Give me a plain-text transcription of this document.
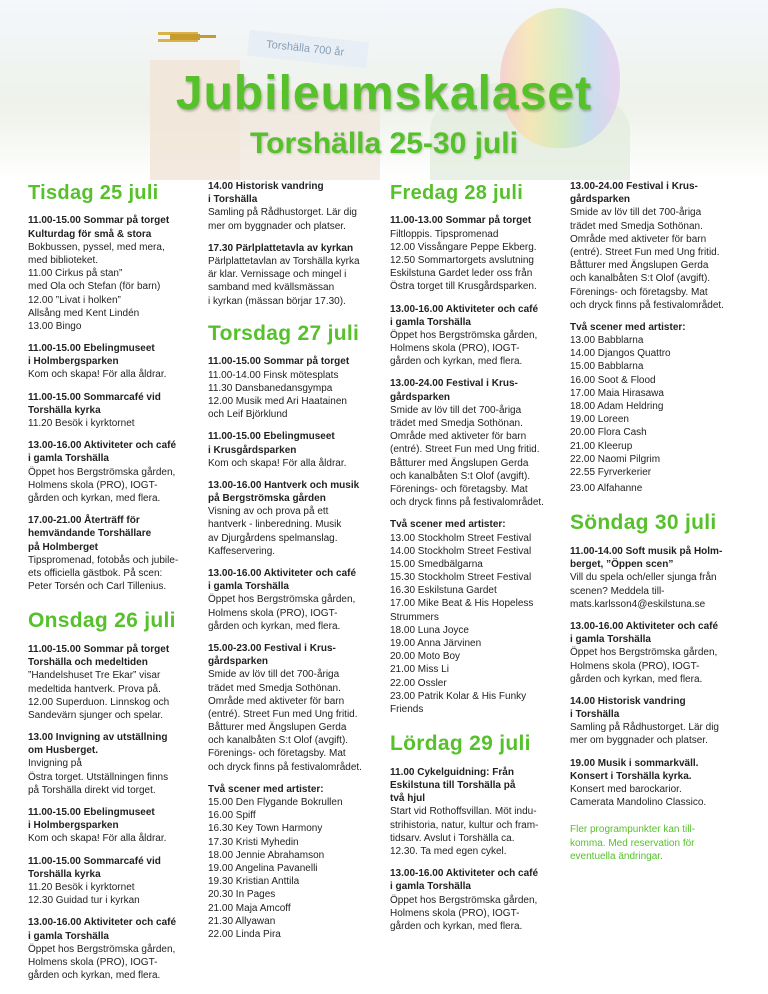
Torshälla 700 år
Jubileumskalaset
Torshälla 25-30 juli
Tisdag 25 juli
11.00-15.00 Sommar på torget
Kulturdag för små & stora
Bokbussen, pyssel, med mera,
med biblioteket.
11.00 Cirkus på stan”
med Ola och Stefan (för barn)
12.00 ”Livat i holken”
Allsång med Kent Lindén
13.00 Bingo
11.00-15.00 Ebelingmuseet
i Holmbergsparken
Kom och skapa! För alla åldrar.
11.00-15.00 Sommarcafé vid
Torshälla kyrka
11.20 Besök i kyrktornet
13.00-16.00 Aktiviteter och café
i gamla Torshälla
Öppet hos Bergströmska gården,
Holmens skola (PRO), IOGT-
gården och kyrkan, med flera.
17.00-21.00 Återträff för
hemvändande Torshällare
på Holmberget
Tipspromenad, fotobås och jubile-
ets officiella gästbok. På scen:
Peter Torsén och Carl Tillenius.
Onsdag 26 juli
11.00-15.00 Sommar på torget
Torshälla och medeltiden
”Handelshuset Tre Ekar” visar
medeltida hantverk. Prova på.
12.00 Superduon. Linnskog och
Sandevärn sjunger och spelar.
13.00 Invigning av utställning
om Husberget.
Invigning på
Östra torget. Utställningen finns
på Torshälla direkt vid torget.
11.00-15.00 Ebelingmuseet
i Holmbergsparken
Kom och skapa! För alla åldrar.
11.00-15.00 Sommarcafé vid
Torshälla kyrka
11.20 Besök i kyrktornet
12.30 Guidad tur i kyrkan
13.00-16.00 Aktiviteter och café
i gamla Torshälla
Öppet hos Bergströmska gården,
Holmens skola (PRO), IOGT-
gården och kyrkan, med flera.
14.00 Historisk vandring
i Torshälla
Samling på Rådhustorget. Lär dig
mer om byggnader och platser.
17.30 Pärlplattetavla av kyrkan
Pärlplattetavlan av Torshälla kyrka
är klar. Vernissage och mingel i
samband med kvällsmässan
i kyrkan (mässan börjar 17.30).
Torsdag 27 juli
11.00-15.00 Sommar på torget
11.00-14.00 Finsk mötesplats
11.30 Dansbanedansgympa
12.00 Musik med Ari Haatainen
och Leif Björklund
11.00-15.00 Ebelingmuseet
i Krusgårdsparken
Kom och skapa! För alla åldrar.
13.00-16.00 Hantverk och musik
på Bergströmska gården
Visning av och prova på ett
hantverk - linberedning. Musik
av Djurgårdens spelmanslag.
Kaffeservering.
13.00-16.00 Aktiviteter och café
i gamla Torshälla
Öppet hos Bergströmska gården,
Holmens skola (PRO), IOGT-
gården och kyrkan, med flera.
15.00-23.00 Festival i Krus-
gårdsparken
Smide av löv till det 700-åriga
trädet med Smedja Sothönan.
Område med aktiveter för barn
(entré). Street Fun med Ung fritid.
Båtturer med Ängslupen Gerda
och kanalbåten S:t Olof (avgift).
Förenings- och företagsby. Mat
och dryck finns på festivalområdet.
Två scener med artister:
15.00 Den Flygande Bokrullen
16.00 Spiff
16.30 Key Town Harmony
17.30 Kristi Myhedin
18.00 Jennie Abrahamson
19.00 Angelina Pavanelli
19.30 Kristian Anttila
20.30 In Pages
21.00 Maja Amcoff
21.30 Allyawan
22.00 Linda Pira
Fredag 28 juli
11.00-13.00 Sommar på torget
Filtloppis. Tipspromenad
12.00 Vissångare Peppe Ekberg.
12.50 Sommartorgets avslutning
Eskilstuna Gardet leder oss från
Östra torget till Krusgårdsparken.
13.00-16.00 Aktiviteter och café
i gamla Torshälla
Öppet hos Bergströmska gården,
Holmens skola (PRO), IOGT-
gården och kyrkan, med flera.
13.00-24.00 Festival i Krus-
gårdsparken
Smide av löv till det 700-åriga
trädet med Smedja Sothönan.
Område med aktiveter för barn
(entré). Street Fun med Ung fritid.
Båtturer med Ängslupen Gerda
och kanalbåten S:t Olof (avgift).
Förenings- och företagsby. Mat
och dryck finns på festivalområdet.
Två scener med artister:
13.00 Stockholm Street Festival
14.00 Stockholm Street Festival
15.00 Smedbälgarna
15.30 Stockholm Street Festival
16.30 Eskilstuna Gardet
17.00 Mike Beat & His Hopeless
Strummers
18.00 Luna Joyce
19.00 Anna Järvinen
20.00 Moto Boy
21.00 Miss Li
22.00 Ossler
23.00 Patrik Kolar & His Funky
Friends
Lördag 29 juli
11.00 Cykelguidning: Från
Eskilstuna till Torshälla på
två hjul
Start vid Rothoffsvillan. Möt indu-
strihistoria, natur, kultur och fram-
tidsarv. Avslut i Torshälla ca.
12.30. Ta med egen cykel.
13.00-16.00 Aktiviteter och café
i gamla Torshälla
Öppet hos Bergströmska gården,
Holmens skola (PRO), IOGT-
gården och kyrkan, med flera.
13.00-24.00 Festival i Krus-
gårdsparken
Smide av löv till det 700-åriga
trädet med Smedja Sothönan.
Område med aktiveter för barn
(entré). Street Fun med Ung fritid.
Båtturer med Ängslupen Gerda
och kanalbåten S:t Olof (avgift).
Förenings- och företagsby. Mat
och dryck finns på festivalområdet.
Två scener med artister:
13.00 Babblarna
14.00 Djangos Quattro
15.00 Babblarna
16.00 Soot & Flood
17.00 Maia Hirasawa
18.00 Adam Heldring
19.00 Loreen
20.00 Flora Cash
21.00 Kleerup
22.00 Naomi Pilgrim
22.55 Fyrverkerier
23.00 Alfahanne
Söndag 30 juli
11.00-14.00 Soft musik på Holm-
berget, ”Öppen scen”
Vill du spela och/eller sjunga från
scenen? Meddela till-
mats.karlsson4@eskilstuna.se
13.00-16.00 Aktiviteter och café
i gamla Torshälla
Öppet hos Bergströmska gården,
Holmens skola (PRO), IOGT-
gården och kyrkan, med flera.
14.00 Historisk vandring
i Torshälla
Samling på Rådhustorget. Lär dig
mer om byggnader och platser.
19.00 Musik i sommarkväll.
Konsert i Torshälla kyrka.
Konsert med barockarior.
Camerata Mandolino Classico.
Fler programpunkter kan till-
komma. Med reservation för
eventuella ändringar.
